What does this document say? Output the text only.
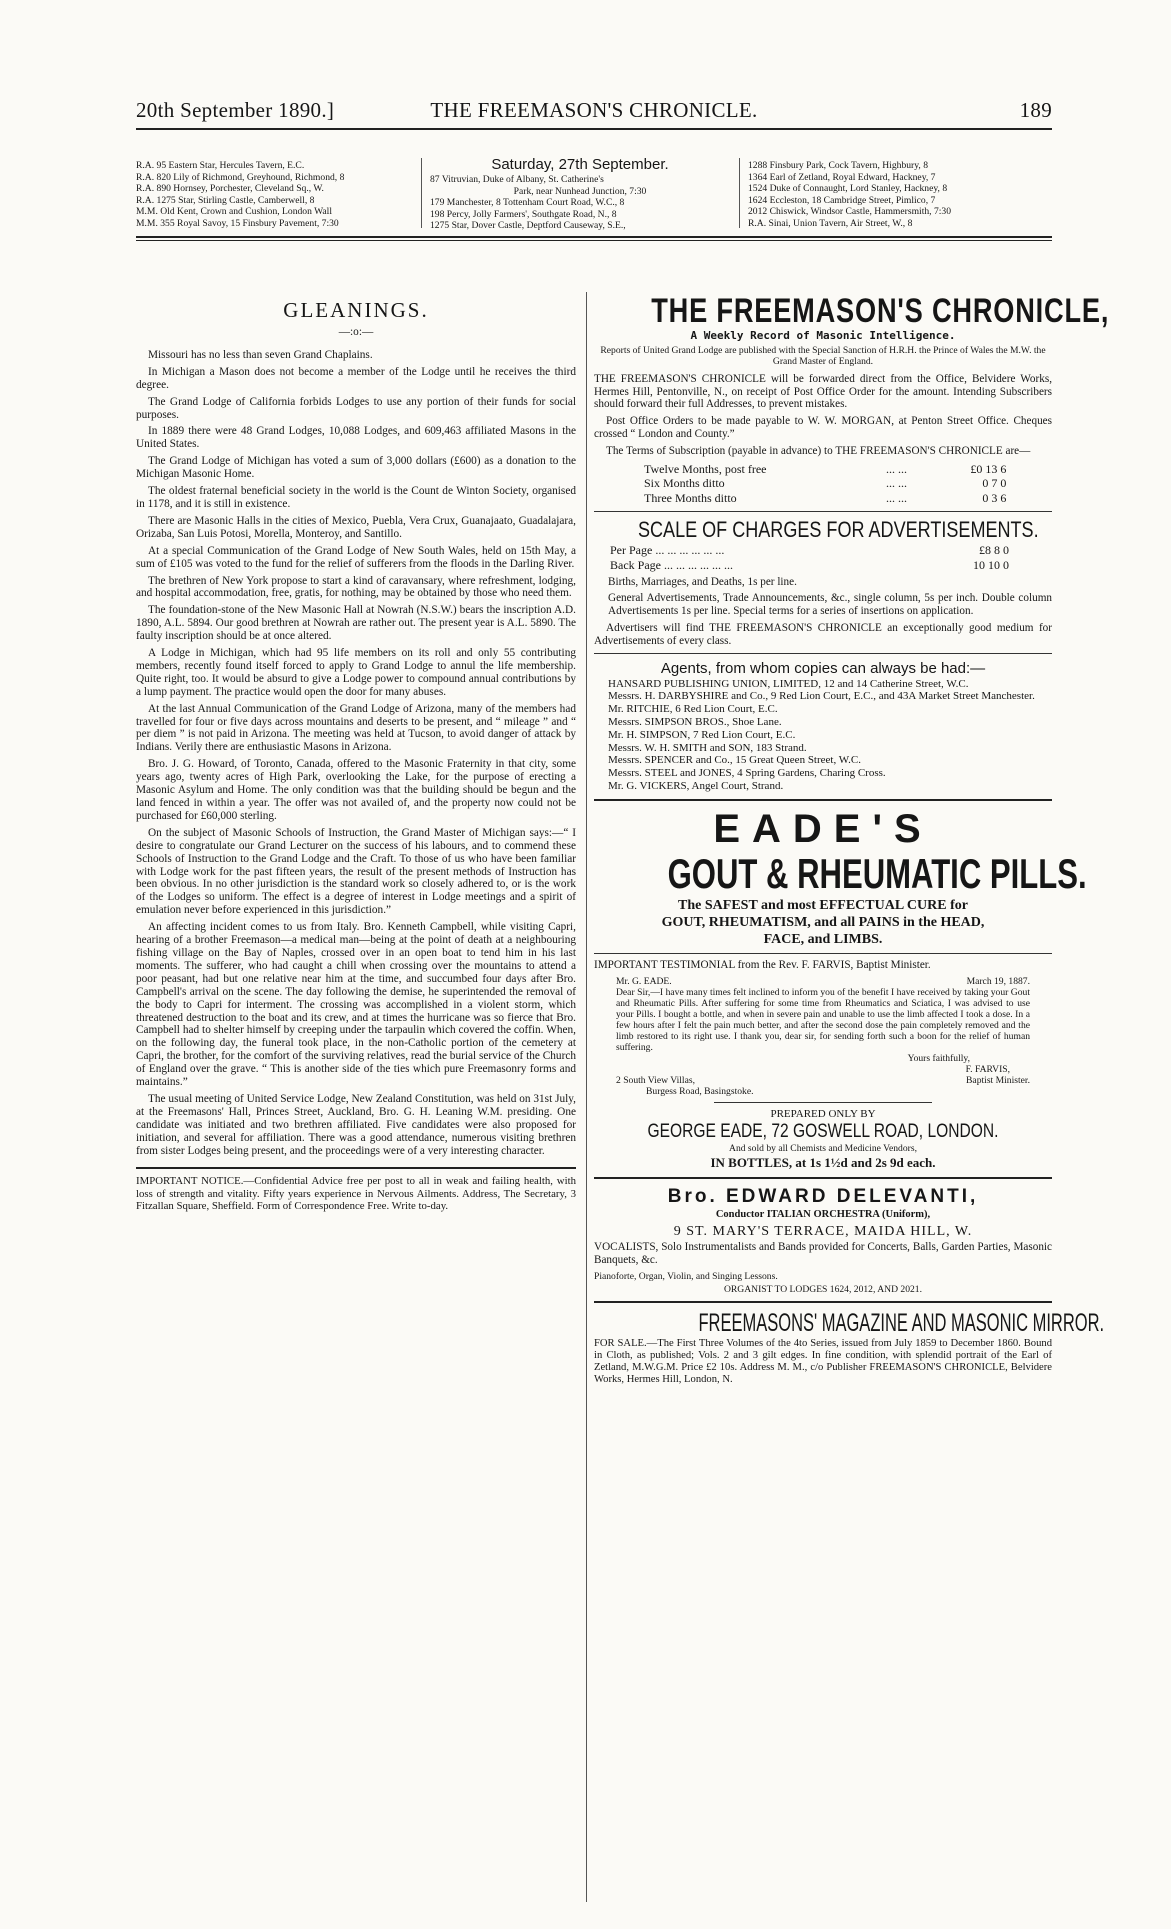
20th September 1890.]	THE FREEMASON'S CHRONICLE.	189
R.A. 95 Eastern Star, Hercules Tavern, E.C.
R.A. 820 Lily of Richmond, Greyhound, Richmond, 8
R.A. 890 Hornsey, Porchester, Cleveland Sq., W.
R.A. 1275 Star, Stirling Castle, Camberwell, 8
M.M. Old Kent, Crown and Cushion, London Wall
M.M. 355 Royal Savoy, 15 Finsbury Pavement, 7:30
Saturday, 27th September.
87 Vitruvian, Duke of Albany, St. Catherine's
Park, near Nunhead Junction, 7:30
179 Manchester, 8 Tottenham Court Road, W.C., 8
198 Percy, Jolly Farmers', Southgate Road, N., 8
1275 Star, Dover Castle, Deptford Causeway, S.E.,
1288 Finsbury Park, Cock Tavern, Highbury, 8
1364 Earl of Zetland, Royal Edward, Hackney, 7
1524 Duke of Connaught, Lord Stanley, Hackney, 8
1624 Eccleston, 18 Cambridge Street, Pimlico, 7
2012 Chiswick, Windsor Castle, Hammersmith, 7:30
R.A. Sinai, Union Tavern, Air Street, W., 8
GLEANINGS.
—:o:—

Missouri has no less than seven Grand Chaplains.

In Michigan a Mason does not become a member of the Lodge until he receives the third degree.

The Grand Lodge of California forbids Lodges to use any portion of their funds for social purposes.

In 1889 there were 48 Grand Lodges, 10,088 Lodges, and 609,463 affiliated Masons in the United States.

The Grand Lodge of Michigan has voted a sum of 3,000 dollars (£600) as a donation to the Michigan Masonic Home.

The oldest fraternal beneficial society in the world is the Count de Winton Society, organised in 1178, and it is still in existence.

There are Masonic Halls in the cities of Mexico, Puebla, Vera Crux, Guanajaato, Guadalajara, Orizaba, San Luis Potosi, Morella, Monteroy, and Santillo.

At a special Communication of the Grand Lodge of New South Wales, held on 15th May, a sum of £105 was voted to the fund for the relief of sufferers from the floods in the Darling River.

The brethren of New York propose to start a kind of caravansary, where refreshment, lodging, and hospital accommodation, free, gratis, for nothing, may be obtained by those who need them.

The foundation-stone of the New Masonic Hall at Nowrah (N.S.W.) bears the inscription A.D. 1890, A.L. 5894. Our good brethren at Nowrah are rather out. The present year is A.L. 5890. The faulty inscription should be at once altered.

A Lodge in Michigan, which had 95 life members on its roll and only 55 contributing members, recently found itself forced to apply to Grand Lodge to annul the life membership. Quite right, too. It would be absurd to give a Lodge power to compound annual contributions by a lump payment. The practice would open the door for many abuses.

At the last Annual Communication of the Grand Lodge of Arizona, many of the members had travelled for four or five days across mountains and deserts to be present, and “ mileage ” and “ per diem ” is not paid in Arizona. The meeting was held at Tucson, to avoid danger of attack by Indians. Verily there are enthusiastic Masons in Arizona.

Bro. J. G. Howard, of Toronto, Canada, offered to the Masonic Fraternity in that city, some years ago, twenty acres of High Park, overlooking the Lake, for the purpose of erecting a Masonic Asylum and Home. The only condition was that the building should be begun and the land fenced in within a year. The offer was not availed of, and the property now could not be purchased for £60,000 sterling.

On the subject of Masonic Schools of Instruction, the Grand Master of Michigan says:—“ I desire to congratulate our Grand Lecturer on the success of his labours, and to commend these Schools of Instruction to the Grand Lodge and the Craft. To those of us who have been familiar with Lodge work for the past fifteen years, the result of the present methods of Instruction has been obvious. In no other jurisdiction is the standard work so closely adhered to, or is the work of the Lodges so uniform. The effect is a degree of interest in Lodge meetings and a spirit of emulation never before experienced in this jurisdiction.”

An affecting incident comes to us from Italy. Bro. Kenneth Campbell, while visiting Capri, hearing of a brother Freemason—a medical man—being at the point of death at a neighbouring fishing village on the Bay of Naples, crossed over in an open boat to tend him in his last moments. The sufferer, who had caught a chill when crossing over the mountains to attend a poor peasant, had but one relative near him at the time, and succumbed four days after Bro. Campbell's arrival on the scene. The day following the demise, he superintended the removal of the body to Capri for interment. The crossing was accomplished in a violent storm, which threatened destruction to the boat and its crew, and at times the hurricane was so fierce that Bro. Campbell had to shelter himself by creeping under the tarpaulin which covered the coffin. When, on the following day, the funeral took place, in the non-Catholic portion of the cemetery at Capri, the brother, for the comfort of the surviving relatives, read the burial service of the Church of England over the grave. “ This is another side of the ties which pure Freemasonry forms and maintains.”

The usual meeting of United Service Lodge, New Zealand Constitution, was held on 31st July, at the Freemasons' Hall, Princes Street, Auckland, Bro. G. H. Leaning W.M. presiding. One candidate was initiated and two brethren affiliated. Five candidates were also proposed for initiation, and several for affiliation. There was a good attendance, numerous visiting brethren from sister Lodges being present, and the proceedings were of a very interesting character.

IMPORTANT NOTICE.—Confidential Advice free per post to all in weak and failing health, with loss of strength and vitality. Fifty years experience in Nervous Ailments. Address, The Secretary, 3 Fitzallan Square, Sheffield. Form of Correspondence Free. Write to-day.

THE FREEMASON'S CHRONICLE,
A Weekly Record of Masonic Intelligence.
Reports of United Grand Lodge are published with the Special Sanction of H.R.H. the Prince of Wales the M.W. the Grand Master of England.

THE FREEMASON'S CHRONICLE will be forwarded direct from the Office, Belvidere Works, Hermes Hill, Pentonville, N., on receipt of Post Office Order for the amount. Intending Subscribers should forward their full Addresses, to prevent mistakes.

Post Office Orders to be made payable to W. W. MORGAN, at Penton Street Office. Cheques crossed “ London and County.”

The Terms of Subscription (payable in advance) to THE FREEMASON'S CHRONICLE are—

Twelve Months, post free	... ...	£0 13 6
Six Months ditto	... ...	0 7 0
Three Months ditto	... ...	0 3 6
SCALE OF CHARGES FOR ADVERTISEMENTS.
Per Page ... ... ... ... ... ...	£8 8 0
Back Page ... ... ... ... ... ...	10 10 0

Births, Marriages, and Deaths, 1s per line.

General Advertisements, Trade Announcements, &c., single column, 5s per inch. Double column Advertisements 1s per line. Special terms for a series of insertions on application.

Advertisers will find THE FREEMASON'S CHRONICLE an exceptionally good medium for Advertisements of every class.

Agents, from whom copies can always be had:—
HANSARD PUBLISHING UNION, LIMITED, 12 and 14 Catherine Street, W.C.
Messrs. H. DARBYSHIRE and Co., 9 Red Lion Court, E.C., and 43A Market Street Manchester.
Mr. RITCHIE, 6 Red Lion Court, E.C.
Messrs. SIMPSON BROS., Shoe Lane.
Mr. H. SIMPSON, 7 Red Lion Court, E.C.
Messrs. W. H. SMITH and SON, 183 Strand.
Messrs. SPENCER and Co., 15 Great Queen Street, W.C.
Messrs. STEEL and JONES, 4 Spring Gardens, Charing Cross.
Mr. G. VICKERS, Angel Court, Strand.
EADE'S
GOUT & RHEUMATIC PILLS.
The SAFEST and most EFFECTUAL CURE for
GOUT, RHEUMATISM, and all PAINS in the HEAD,
FACE, and LIMBS.

IMPORTANT TESTIMONIAL from the Rev. F. FARVIS, Baptist Minister.

Mr. G. EADE.	March 19, 1887.
Dear Sir,—I have many times felt inclined to inform you of the benefit I have received by taking your Gout and Rheumatic Pills. After suffering for some time from Rheumatics and Sciatica, I was advised to use your Pills. I bought a bottle, and when in severe pain and unable to use the limb affected I took a dose. In a few hours after I felt the pain much better, and after the second dose the pain completely removed and the limb restored to its right use. I thank you, dear sir, for sending forth such a boon for the relief of human suffering.
Yours faithfully,
F. FARVIS,
2 South View Villas,	Baptist Minister.
Burgess Road, Basingstoke.
PREPARED ONLY BY
GEORGE EADE, 72 GOSWELL ROAD, LONDON.
And sold by all Chemists and Medicine Vendors,
IN BOTTLES, at 1s 1½d and 2s 9d each.
Bro. EDWARD DELEVANTI,
Conductor ITALIAN ORCHESTRA (Uniform),
9 ST. MARY'S TERRACE, MAIDA HILL, W.

VOCALISTS, Solo Instrumentalists and Bands provided for Concerts, Balls, Garden Parties, Masonic Banquets, &c.

Pianoforte, Organ, Violin, and Singing Lessons.
ORGANIST TO LODGES 1624, 2012, AND 2021.
FREEMASONS' MAGAZINE AND MASONIC MIRROR.

FOR SALE.—The First Three Volumes of the 4to Series, issued from July 1859 to December 1860. Bound in Cloth, as published; Vols. 2 and 3 gilt edges. In fine condition, with splendid portrait of the Earl of Zetland, M.W.G.M. Price £2 10s. Address M. M., c/o Publisher FREEMASON'S CHRONICLE, Belvidere Works, Hermes Hill, London, N.
